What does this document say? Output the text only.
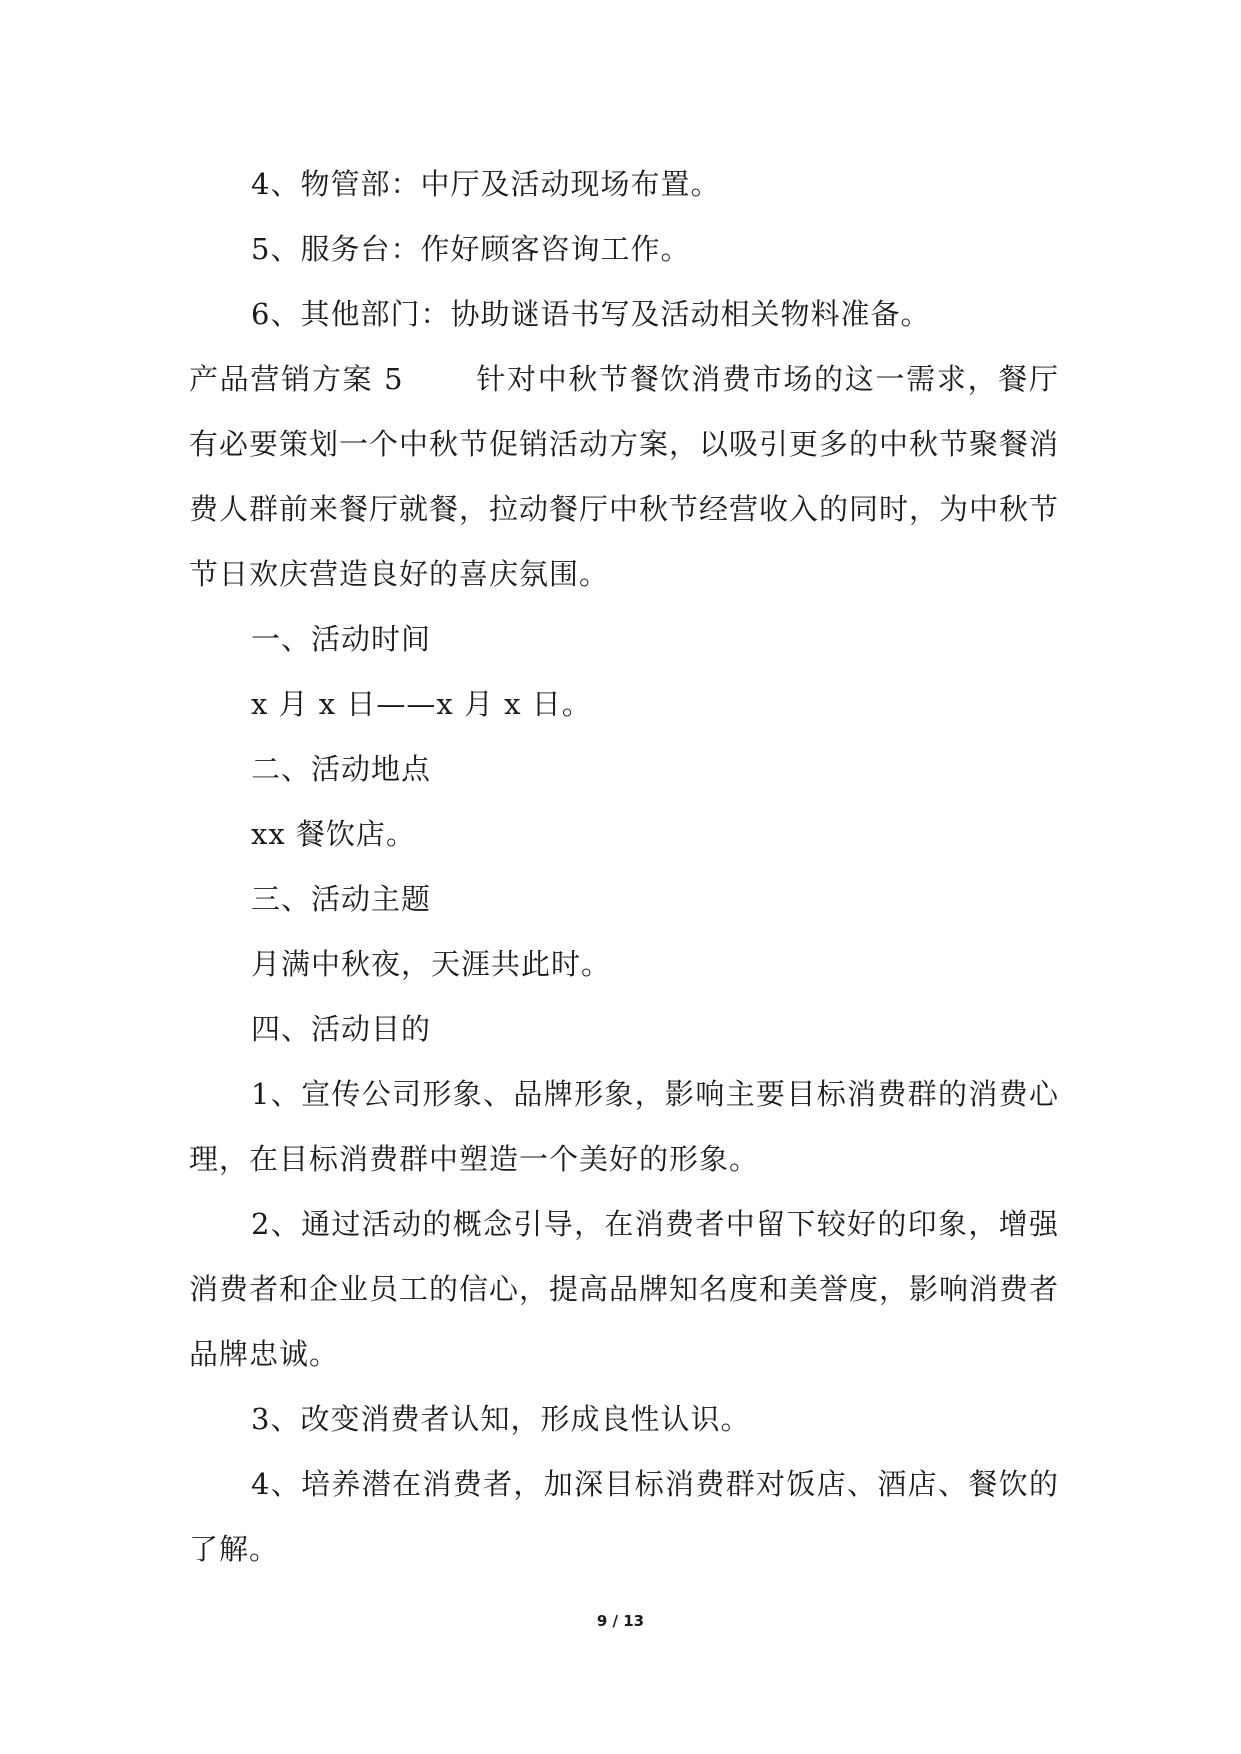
4、物管部：中厅及活动现场布置。

5、服务台：作好顾客咨询工作。

6、其他部门：协助谜语书写及活动相关物料准备。

产品营销方案 5 针对中秋节餐饮消费市场的这一需求，餐厅有必要策划一个中秋节促销活动方案，以吸引更多的中秋节聚餐消费人群前来餐厅就餐，拉动餐厅中秋节经营收入的同时，为中秋节节日欢庆营造良好的喜庆氛围。

一、活动时间

x 月 x 日——x 月 x 日。

二、活动地点

xx 餐饮店。

三、活动主题

月满中秋夜，天涯共此时。

四、活动目的

1、宣传公司形象、品牌形象，影响主要目标消费群的消费心理，在目标消费群中塑造一个美好的形象。

2、通过活动的概念引导，在消费者中留下较好的印象，增强消费者和企业员工的信心，提高品牌知名度和美誉度，影响消费者品牌忠诚。

3、改变消费者认知，形成良性认识。

4、培养潜在消费者，加深目标消费群对饭店、酒店、餐饮的了解。

9 / 13
